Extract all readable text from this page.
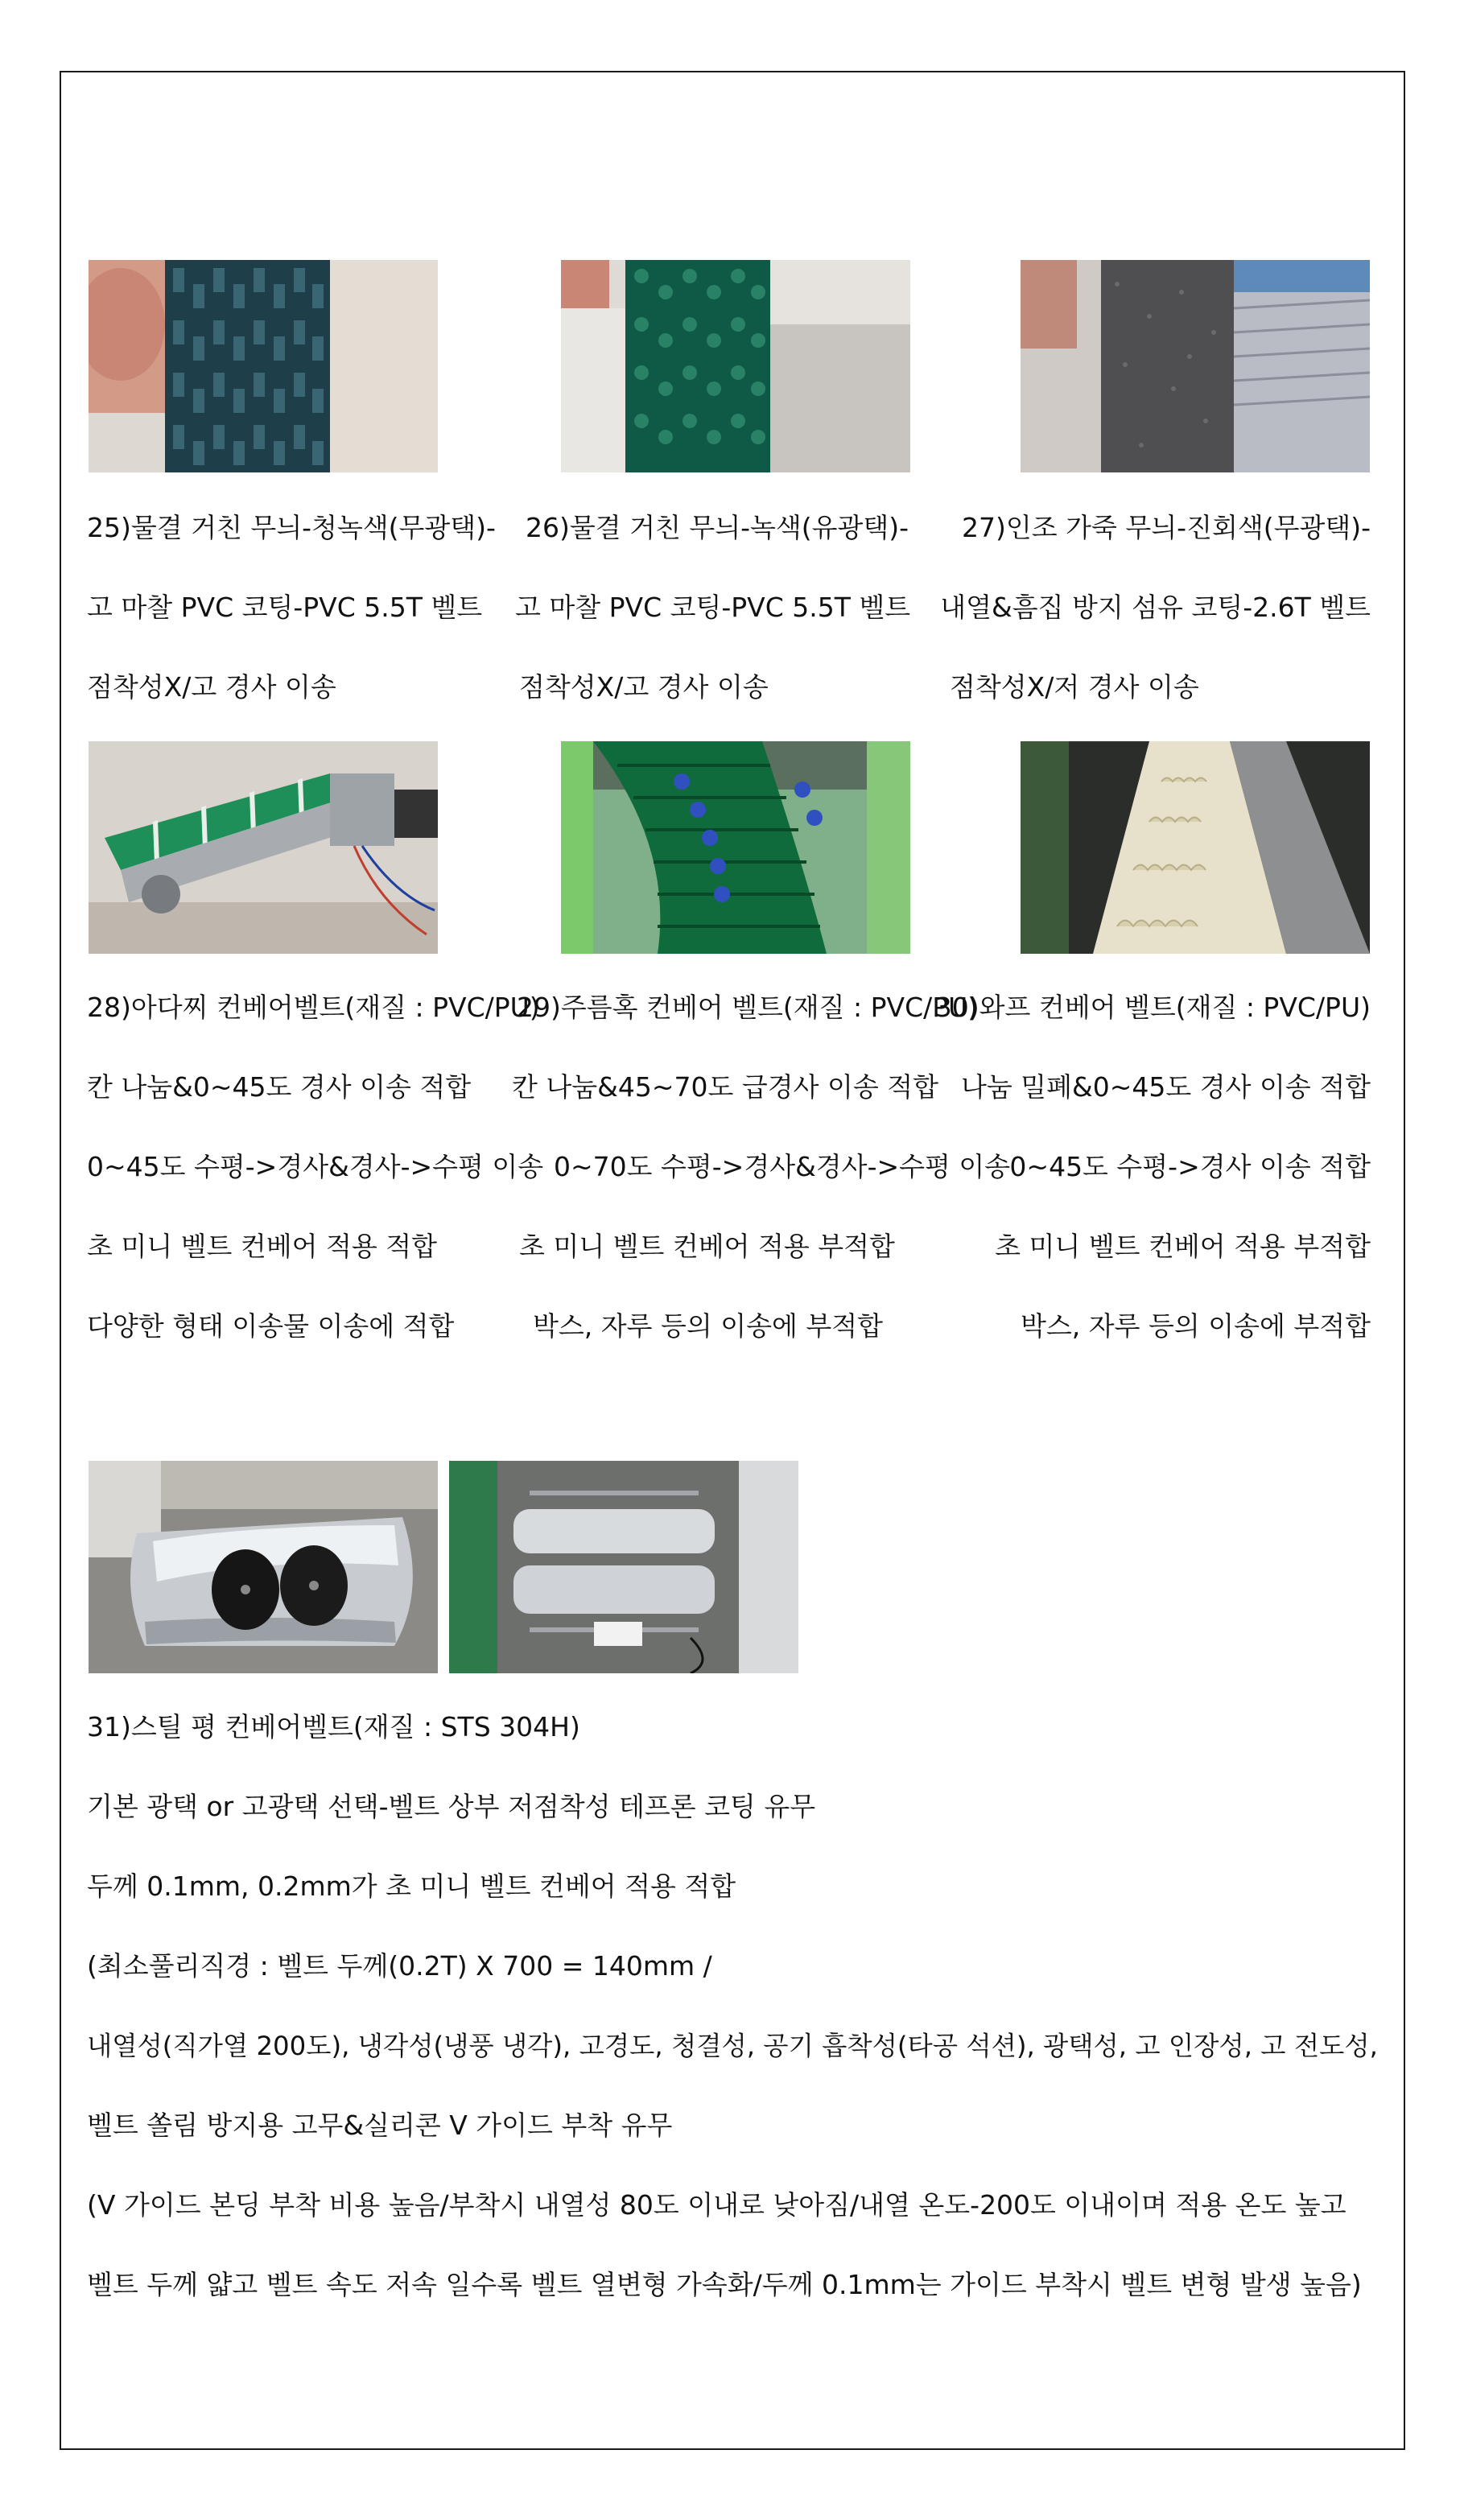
25)물결 거친 무늬-청녹색(무광택)-
고 마찰 PVC 코팅-PVC 5.5T 벨트
점착성X/고 경사 이송
26)물결 거친 무늬-녹색(유광택)-
고 마찰 PVC 코팅-PVC 5.5T 벨트
점착성X/고 경사 이송
27)인조 가죽 무늬-진회색(무광택)-
내열&흠집 방지 섬유 코팅-2.6T 벨트
점착성X/저 경사 이송
28)아다찌 컨베어벨트(재질 : PVC/PU)
칸 나눔&0~45도 경사 이송 적합
0~45도 수평->경사&경사->수평 이송
초 미니 벨트 컨베어 적용 적합
다양한 형태 이송물 이송에 적합
29)주름혹 컨베어 벨트(재질 : PVC/PU)
칸 나눔&45~70도 급경사 이송 적합
0~70도 수평->경사&경사->수평 이송
초 미니 벨트 컨베어 적용 부적합
박스, 자루 등의 이송에 부적합
30)와프 컨베어 벨트(재질 : PVC/PU)
나눔 밀폐&0~45도 경사 이송 적합
0~45도 수평->경사 이송 적합
초 미니 벨트 컨베어 적용 부적합
박스, 자루 등의 이송에 부적합
31)스틸 평 컨베어벨트(재질 : STS 304H)
기본 광택 or 고광택 선택-벨트 상부 저점착성 테프론 코팅 유무
두께 0.1mm, 0.2mm가 초 미니 벨트 컨베어 적용 적합
(최소풀리직경 : 벨트 두께(0.2T) X 700 = 140mm /
내열성(직가열 200도), 냉각성(냉풍 냉각), 고경도, 청결성, 공기 흡착성(타공 석션), 광택성, 고 인장성, 고 전도성,
벨트 쏠림 방지용 고무&실리콘 V 가이드 부착 유무
(V 가이드 본딩 부착 비용 높음/부착시 내열성 80도 이내로 낮아짐/내열 온도-200도 이내이며 적용 온도 높고
벨트 두께 얇고 벨트 속도 저속 일수록 벨트 열변형 가속화/두께 0.1mm는 가이드 부착시 벨트 변형 발생 높음)
